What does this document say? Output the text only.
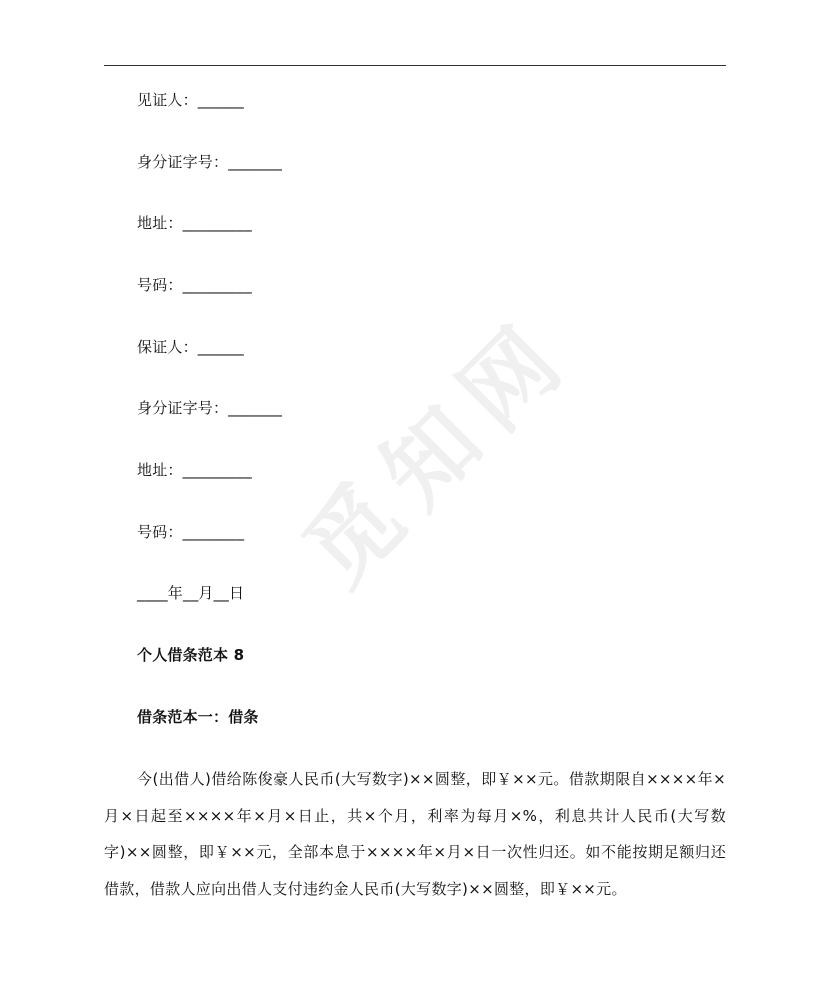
见证人：______
身分证字号：_______
地址：_________
号码：_________
保证人：______
身分证字号：_______
地址：_________
号码：________
____年__月__日
个人借条范本 8
借条范本一：借条

今(出借人)借给陈俊豪人民币(大写数字)××圆整，即￥××元。借款期限自××××年×月×日起至××××年×月×日止，共×个月，利率为每月×%，利息共计人民币(大写数字)××圆整，即￥××元，全部本息于××××年×月×日一次性归还。如不能按期足额归还借款，借款人应向出借人支付违约金人民币(大写数字)××圆整，即￥××元。

觅知网
